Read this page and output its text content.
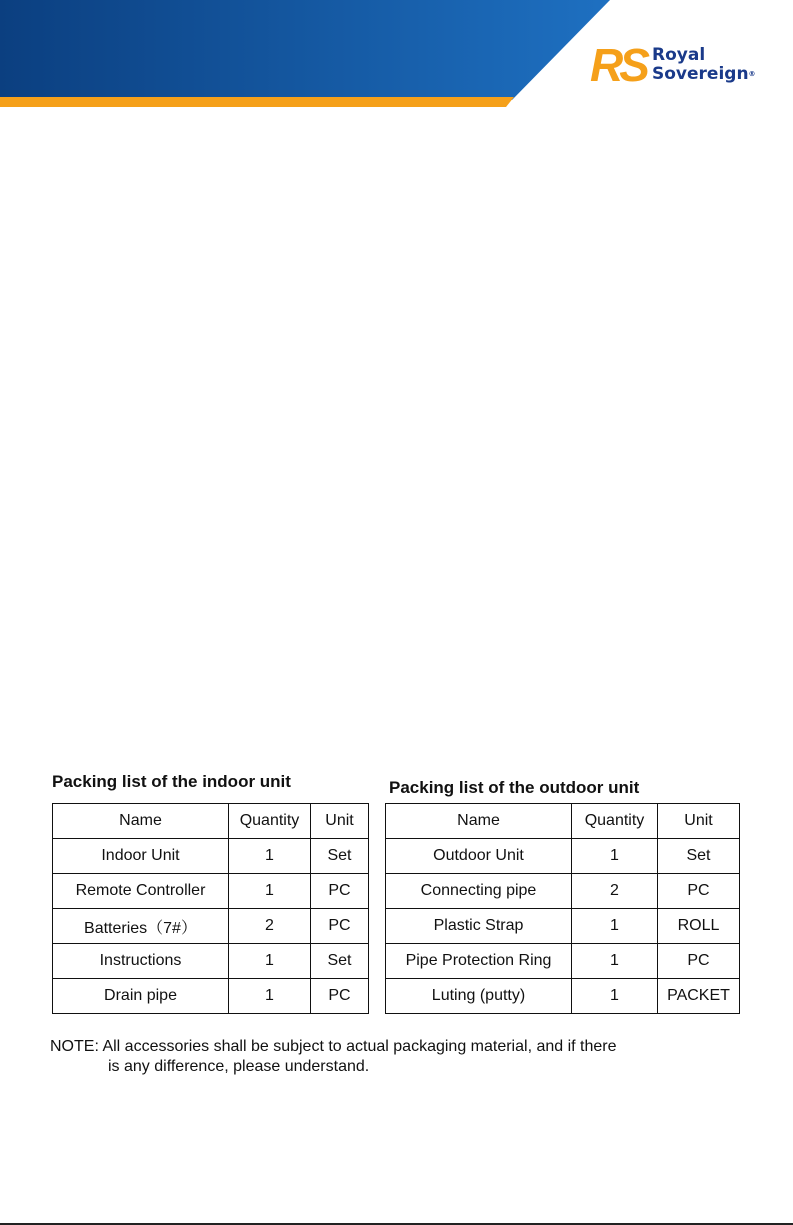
RS Royal
Sovereign®
Packing list of the indoor unit
Name	Quantity	Unit
Indoor Unit	1	Set
Remote Controller	1	PC
Batteries（7#）	2	PC
Instructions	1	Set
Drain pipe	1	PC
Packing list of the outdoor unit
Name	Quantity	Unit
Outdoor Unit	1	Set
Connecting pipe	2	PC
Plastic Strap	1	ROLL
Pipe Protection Ring	1	PC
Luting (putty)	1	PACKET
NOTE: All accessories shall be subject to actual packaging material, and if there
is any difference, please understand.
